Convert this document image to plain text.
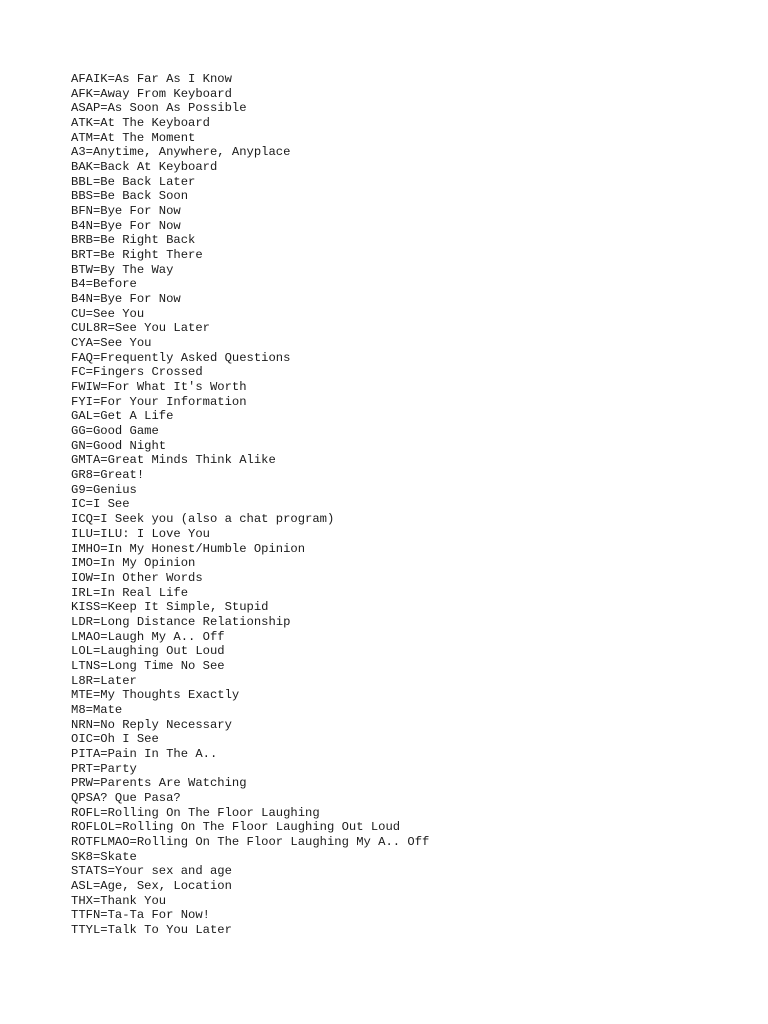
AFAIK=As Far As I Know
AFK=Away From Keyboard
ASAP=As Soon As Possible
ATK=At The Keyboard
ATM=At The Moment
A3=Anytime, Anywhere, Anyplace
BAK=Back At Keyboard
BBL=Be Back Later
BBS=Be Back Soon
BFN=Bye For Now
B4N=Bye For Now
BRB=Be Right Back
BRT=Be Right There
BTW=By The Way
B4=Before
B4N=Bye For Now
CU=See You
CUL8R=See You Later
CYA=See You
FAQ=Frequently Asked Questions
FC=Fingers Crossed
FWIW=For What It's Worth
FYI=For Your Information
GAL=Get A Life
GG=Good Game
GN=Good Night
GMTA=Great Minds Think Alike
GR8=Great!
G9=Genius
IC=I See
ICQ=I Seek you (also a chat program)
ILU=ILU: I Love You
IMHO=In My Honest/Humble Opinion
IMO=In My Opinion
IOW=In Other Words
IRL=In Real Life
KISS=Keep It Simple, Stupid
LDR=Long Distance Relationship
LMAO=Laugh My A.. Off
LOL=Laughing Out Loud
LTNS=Long Time No See
L8R=Later
MTE=My Thoughts Exactly
M8=Mate
NRN=No Reply Necessary
OIC=Oh I See
PITA=Pain In The A..
PRT=Party
PRW=Parents Are Watching
QPSA? Que Pasa?
ROFL=Rolling On The Floor Laughing
ROFLOL=Rolling On The Floor Laughing Out Loud
ROTFLMAO=Rolling On The Floor Laughing My A.. Off
SK8=Skate
STATS=Your sex and age
ASL=Age, Sex, Location
THX=Thank You
TTFN=Ta-Ta For Now!
TTYL=Talk To You Later
